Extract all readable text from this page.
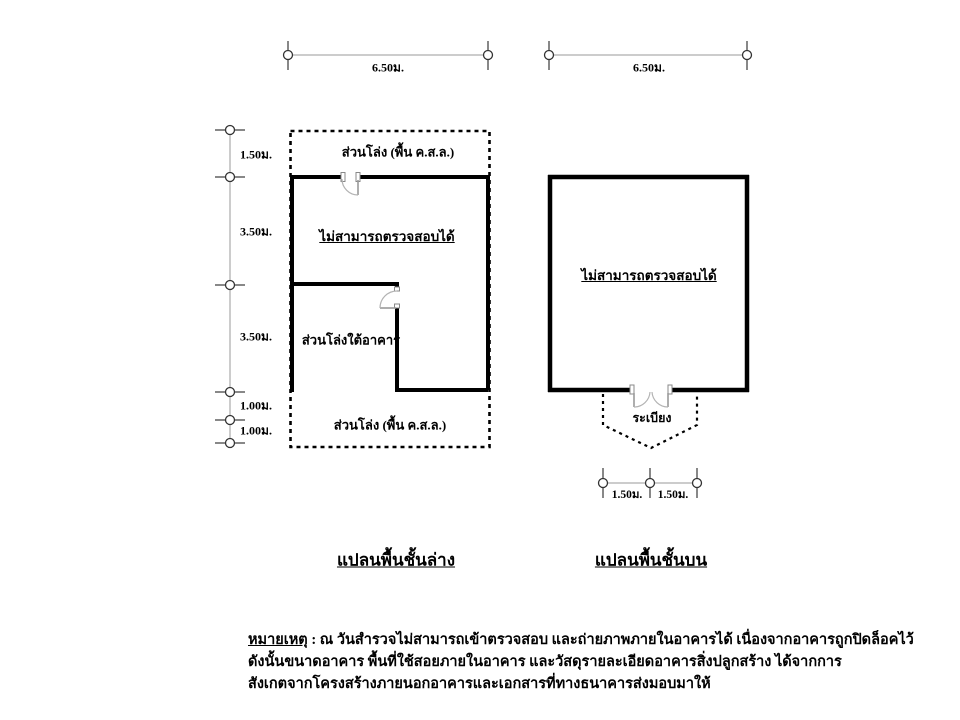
6.50ม.	6.50ม.
1.50ม.
3.50ม.
3.50ม.
1.00ม.
1.00ม.
ส่วนโล่ง (พื้น ค.ส.ล.)
ไม่สามารถตรวจสอบได้
ส่วนโล่งใต้อาคาร
ส่วนโล่ง (พื้น ค.ส.ล.)
ไม่สามารถตรวจสอบได้
ระเบียง
1.50ม. 1.50ม.
แปลนพื้นชั้นล่าง	แปลนพื้นชั้นบน
หมายเหตุ : ณ วันสำรวจไม่สามารถเข้าตรวจสอบ และถ่ายภาพภายในอาคารได้ เนื่องจากอาคารถูกปิดล็อคไว้
ดังนั้นขนาดอาคาร พื้นที่ใช้สอยภายในอาคาร และวัสดุรายละเอียดอาคารสิ่งปลูกสร้าง ได้จากการ
สังเกตจากโครงสร้างภายนอกอาคารและเอกสารที่ทางธนาคารส่งมอบมาให้
